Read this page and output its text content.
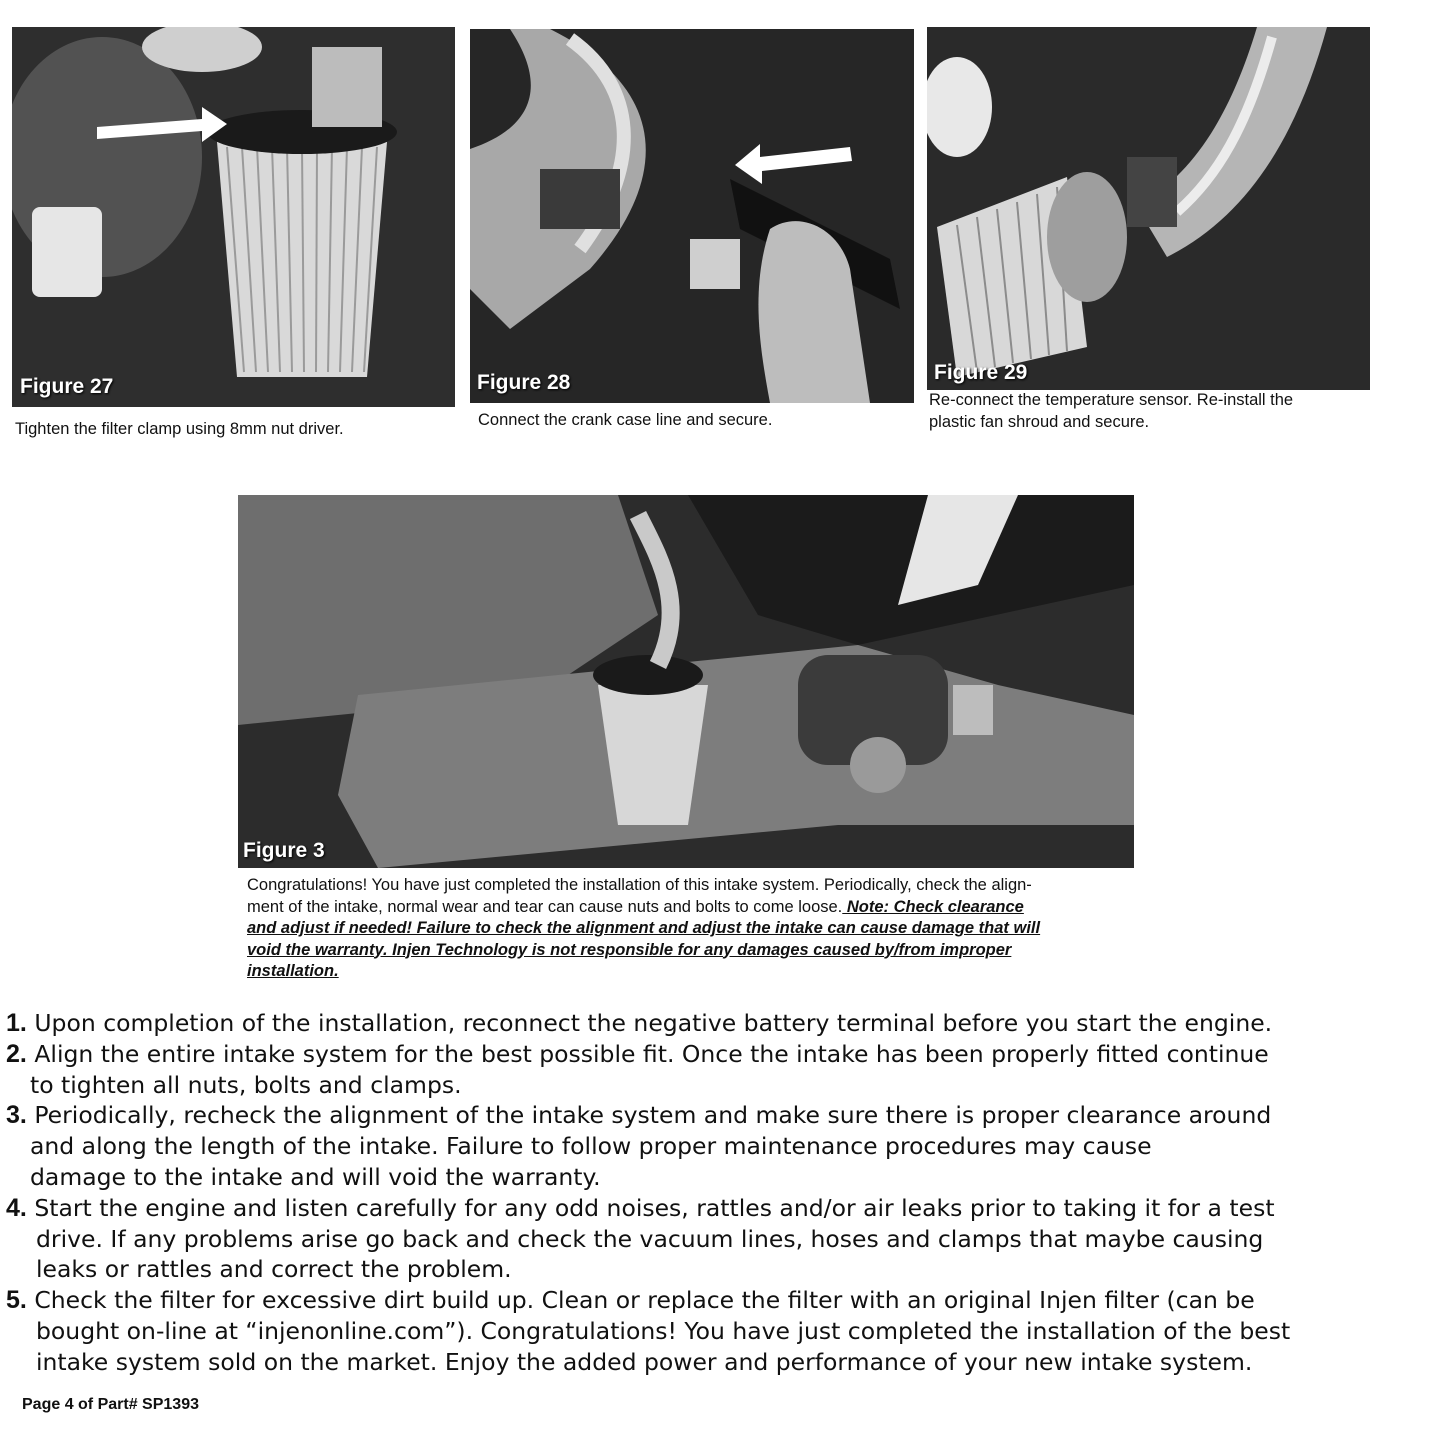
Figure 27
Tighten the filter clamp using 8mm nut driver.
Figure 28
Connect the crank case line and secure.
Figure 29
Re-connect the temperature sensor. Re-install the
plastic fan shroud and secure.
Figure 3
Congratulations! You have just completed the installation of this intake system. Periodically, check the align-
ment of the intake, normal wear and tear can cause nuts and bolts to come loose. Note: Check clearance
and adjust if needed! Failure to check the alignment and adjust the intake can cause damage that will
void the warranty. Injen Technology is not responsible for any damages caused by/from improper
installation.
1. Upon completion of the installation, reconnect the negative battery terminal before you start the engine.
2. Align the entire intake system for the best possible fit. Once the intake has been properly fitted continue
to tighten all nuts, bolts and clamps.
3. Periodically, recheck the alignment of the intake system and make sure there is proper clearance around
and along the length of the intake. Failure to follow proper maintenance procedures may cause
damage to the intake and will void the warranty.
4. Start the engine and listen carefully for any odd noises, rattles and/or air leaks prior to taking it for a test
drive. If any problems arise go back and check the vacuum lines, hoses and clamps that maybe causing
leaks or rattles and correct the problem.
5. Check the filter for excessive dirt build up. Clean or replace the filter with an original Injen filter (can be
bought on-line at “injenonline.com”). Congratulations! You have just completed the installation of the best
intake system sold on the market. Enjoy the added power and performance of your new intake system.
Page 4 of Part# SP1393
